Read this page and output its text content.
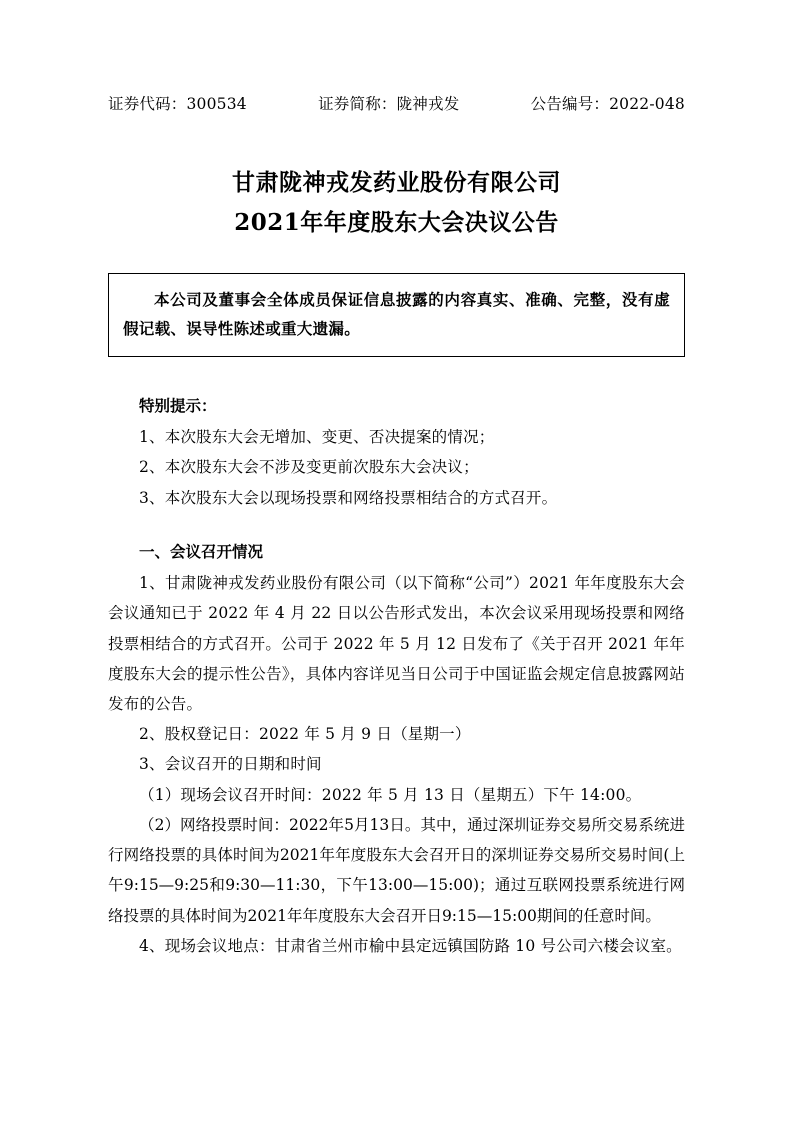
证券代码：300534	证券简称：陇神戎发	公告编号：2022-048
甘肃陇神戎发药业股份有限公司
2021年年度股东大会决议公告

本公司及董事会全体成员保证信息披露的内容真实、准确、完整，没有虚假记载、误导性陈述或重大遗漏。

特别提示：

1、本次股东大会无增加、变更、否决提案的情况；

2、本次股东大会不涉及变更前次股东大会决议；

3、本次股东大会以现场投票和网络投票相结合的方式召开。

一、会议召开情况

1、甘肃陇神戎发药业股份有限公司（以下简称“公司”）2021 年年度股东大会会议通知已于 2022 年 4 月 22 日以公告形式发出，本次会议采用现场投票和网络投票相结合的方式召开。公司于 2022 年 5 月 12 日发布了《关于召开 2021 年年度股东大会的提示性公告》，具体内容详见当日公司于中国证监会规定信息披露网站发布的公告。

2、股权登记日：2022 年 5 月 9 日（星期一）

3、会议召开的日期和时间

（1）现场会议召开时间：2022 年 5 月 13 日（星期五）下午 14:00。

（2）网络投票时间：2022年5月13日。其中，通过深圳证券交易所交易系统进行网络投票的具体时间为2021年年度股东大会召开日的深圳证券交易所交易时间(上午9:15—9:25和9:30—11:30，下午13:00—15:00)；通过互联网投票系统进行网络投票的具体时间为2021年年度股东大会召开日9:15—15:00期间的任意时间。

4、现场会议地点：甘肃省兰州市榆中县定远镇国防路 10 号公司六楼会议室。
